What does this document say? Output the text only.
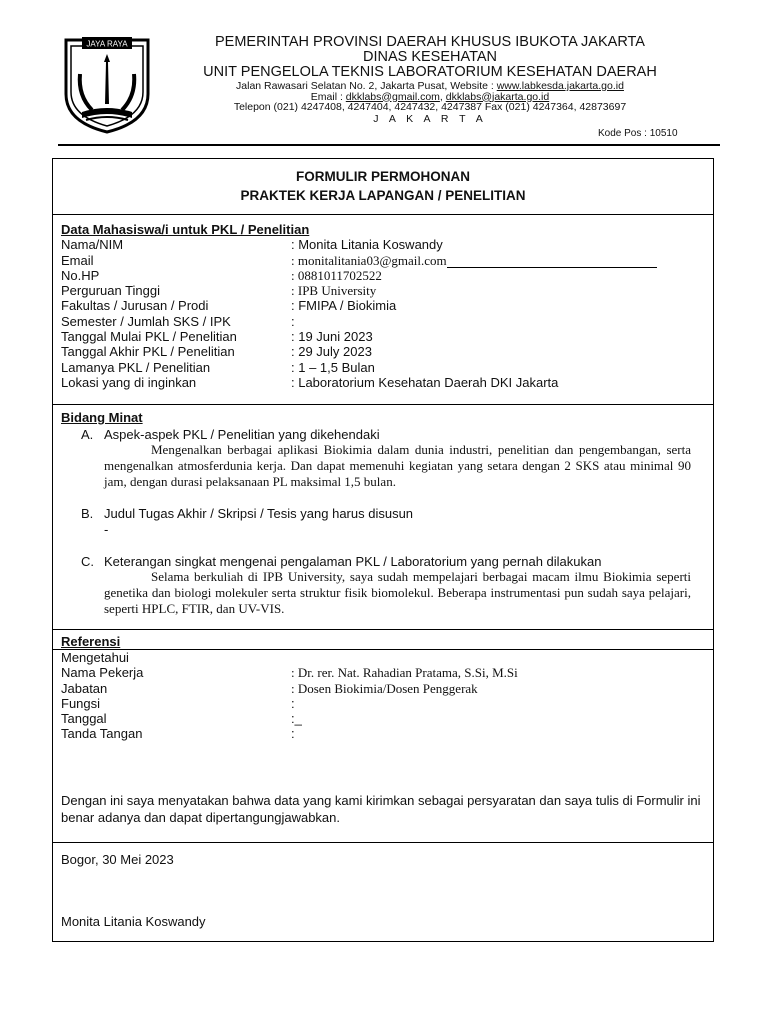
JAYA RAYA	PEMERINTAH PROVINSI DAERAH KHUSUS IBUKOTA JAKARTA
DINAS KESEHATAN
UNIT PENGELOLA TEKNIS LABORATORIUM KESEHATAN DAERAH
Jalan Rawasari Selatan No. 2, Jakarta Pusat, Website : www.labkesda.jakarta.go.id
Email : dkklabs@gmail.com, dkklabs@jakarta.go.id
Telepon (021) 4247408, 4247404, 4247432, 4247387 Fax (021) 4247364, 42873697
J A K A R T A
Kode Pos : 10510
FORMULIR PERMOHONAN
PRAKTEK KERJA LAPANGAN / PENELITIAN
Data Mahasiswa/i untuk PKL / Penelitian
Nama/NIM	: Monita Litania Koswandy
Email	: monitalitania03@gmail.com
No.HP	: 0881011702522
Perguruan Tinggi	: IPB University
Fakultas / Jurusan / Prodi	: FMIPA / Biokimia
Semester / Jumlah SKS / IPK	:
Tanggal Mulai PKL / Penelitian	: 19 Juni 2023
Tanggal Akhir PKL / Penelitian	: 29 July 2023
Lamanya PKL / Penelitian	: 1 – 1,5 Bulan
Lokasi yang di inginkan	: Laboratorium Kesehatan Daerah DKI Jakarta
Bidang Minat
A. Aspek-aspek PKL / Penelitian yang dikehendaki
Mengenalkan berbagai aplikasi Biokimia dalam dunia industri, penelitian dan pengembangan, serta mengenalkan atmosferdunia kerja. Dan dapat memenuhi kegiatan yang setara dengan 2 SKS atau minimal 90 jam, dengan durasi pelaksanaan PL maksimal 1,5 bulan.
B. Judul Tugas Akhir / Skripsi / Tesis yang harus disusun
-
C. Keterangan singkat mengenai pengalaman PKL / Laboratorium yang pernah dilakukan
Selama berkuliah di IPB University, saya sudah mempelajari berbagai macam ilmu Biokimia seperti genetika dan biologi molekuler serta struktur fisik biomolekul. Beberapa instrumentasi pun sudah saya pelajari, seperti HPLC, FTIR, dan UV-VIS.
Referensi
Mengetahui
Nama Pekerja	: Dr. rer. Nat. Rahadian Pratama, S.Si, M.Si
Jabatan	: Dosen Biokimia/Dosen Penggerak
Fungsi	:
Tanggal	:_
Tanda Tangan	:
Dengan ini saya menyatakan bahwa data yang kami kirimkan sebagai persyaratan dan saya tulis di Formulir ini benar adanya dan dapat dipertangungjawabkan.
Bogor, 30 Mei 2023
Monita Litania Koswandy
